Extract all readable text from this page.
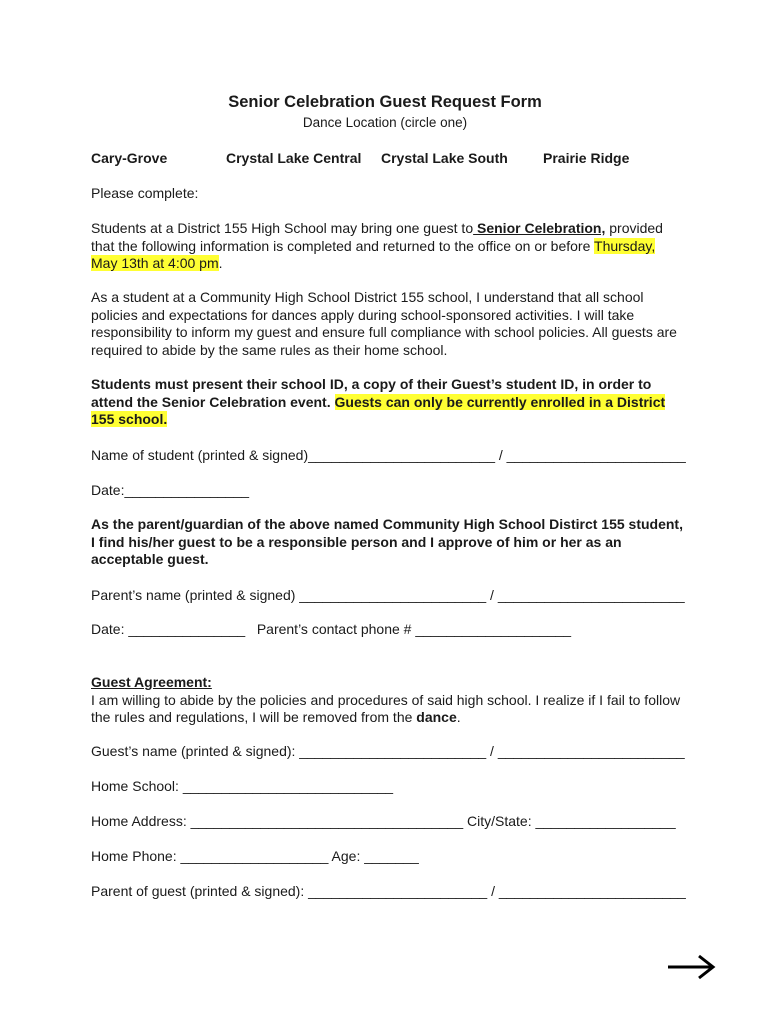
Senior Celebration Guest Request Form
Dance Location (circle one)
Cary-Grove	Crystal Lake Central Crystal Lake South	Prairie Ridge
Please complete:
Students at a District 155 High School may bring one guest to Senior Celebration, provided that the following information is completed and returned to the office on or before Thursday, May 13th at 4:00 pm.
As a student at a Community High School District 155 school, I understand that all school policies and expectations for dances apply during school-sponsored activities. I will take responsibility to inform my guest and ensure full compliance with school policies. All guests are required to abide by the same rules as their home school.
Students must present their school ID, a copy of their Guest’s student ID, in order to attend the Senior Celebration event. Guests can only be currently enrolled in a District 155 school.
Name of student (printed & signed)________________________ / _______________________
Date:________________
As the parent/guardian of the above named Community High School Distirct 155 student, I find his/her guest to be a responsible person and I approve of him or her as an acceptable guest.
Parent’s name (printed & signed) ________________________ / ________________________
Date: _______________   Parent’s contact phone # ____________________
Guest Agreement:
I am willing to abide by the policies and procedures of said high school. I realize if I fail to follow the rules and regulations, I will be removed from the dance.
Guest’s name (printed & signed): ________________________ / ________________________
Home School: ___________________________
Home Address: ___________________________________ City/State: __________________
Home Phone: ___________________ Age: _______
Parent of guest (printed & signed): _______________________ / ________________________
